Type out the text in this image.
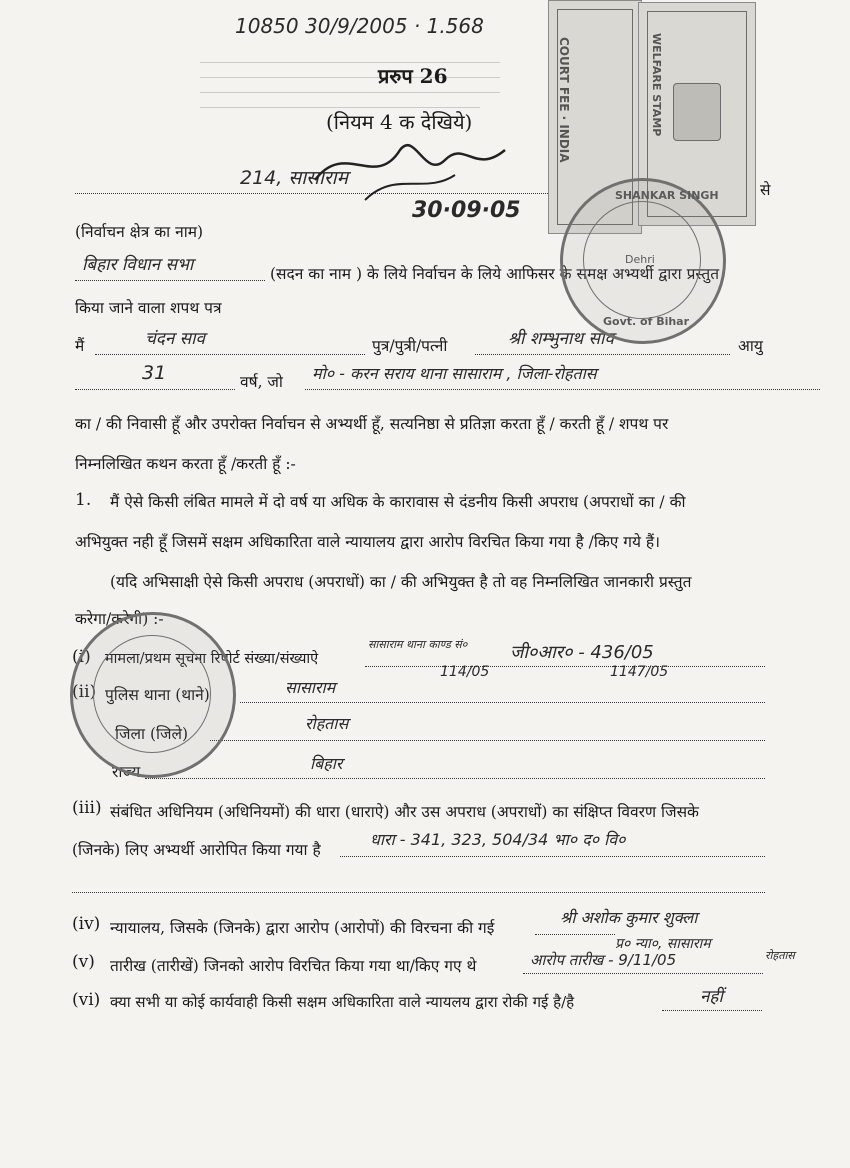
10850 30/9/2005 · 1.568
प्ररुप 26
(नियम 4 क देखिये)
214, सासाराम
से
30·09·05
(निर्वाचन क्षेत्र का नाम)
बिहार विधान सभा	(सदन का नाम ) के लिये निर्वाचन के लिये आफिसर के समक्ष अभ्यर्थी द्वारा प्रस्तुत
किया जाने वाला शपथ पत्र
मैं	चंदन साव	पुत्र/पुत्री/पत्नी	श्री शम्भुनाथ साव	आयु
31	वर्ष, जो मो० - करन सराय थाना सासाराम , जिला-रोहतास
का / की निवासी हूँ और उपरोक्त निर्वाचन से अभ्यर्थी हूँ, सत्यनिष्ठा से प्रतिज्ञा करता हूँ / करती हूँ / शपथ पर
निम्नलिखित कथन करता हूँ /करती हूँ :-
1. मैं ऐसे किसी लंबित मामले में दो वर्ष या अधिक के कारावास से दंडनीय किसी अपराध (अपराधों का / की
अभियुक्त नही हूँ जिसमें सक्षम अधिकारिता वाले न्यायालय द्वारा आरोप विरचित किया गया है /किए गये हैं।
(यदि अभिसाक्षी ऐसे किसी अपराध (अपराधों) का / की अभियुक्त है तो वह निम्नलिखित जानकारी प्रस्तुत
करेगा/करेगी) :-
(i) मामला/प्रथम सूचना रिपोर्ट संख्या/संख्याऐ
सासाराम थाना काण्ड सं०
114/05
जी०आर० - 436/05
1147/05
(ii) पुलिस थाना (थाने)	सासाराम
जिला (जिले)
रोहतास
राज्य	बिहार
(iii) संबंधित अधिनियम (अधिनियमों) की धारा (धाराऐ) और उस अपराध (अपराधों) का संक्षिप्त विवरण जिसके
(जिनके) लिए अभ्यर्थी आरोपित किया गया है
धारा - 341, 323, 504/34 भा० द० वि०
(iv) न्यायालय, जिसके (जिनके) द्वारा आरोप (आरोपों) की विरचना की गई
श्री अशोक कुमार शुक्ला
प्र० न्या०, सासाराम
रोहतास
(v) तारीख (तारीखें) जिनको आरोप विरचित किया गया था/किए गए थे	आरोप तारीख - 9/11/05
(vi) क्या सभी या कोई कार्यवाही किसी सक्षम अधिकारिता वाले न्यायलय द्वारा रोकी गई है/है	नहीं
COURT FEE · INDIA	WELFARE STAMP
SHANKAR SINGH
Dehri
Govt. of Bihar
